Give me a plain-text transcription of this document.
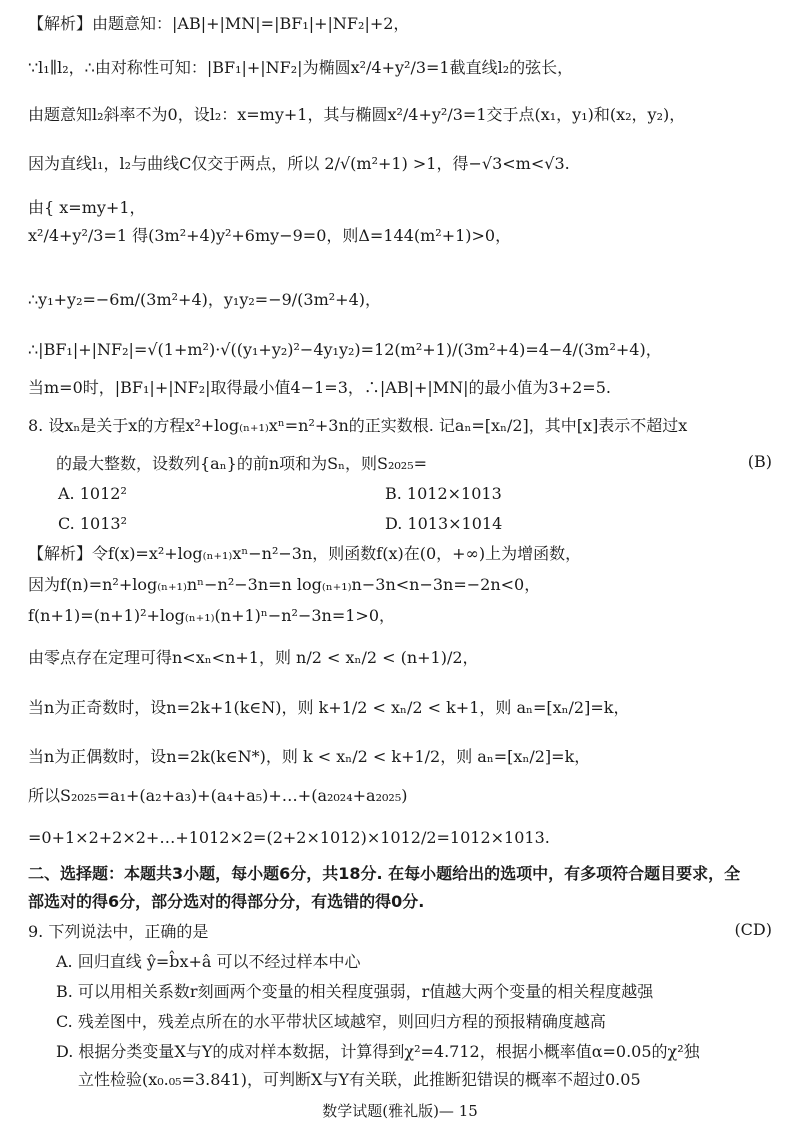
【解析】由题意知：|AB|+|MN|=|BF₁|+|NF₂|+2，
∵l₁∥l₂，∴由对称性可知：|BF₁|+|NF₂|为椭圆x²/4+y²/3=1截直线l₂的弦长，
由题意知l₂斜率不为0，设l₂：x=my+1，其与椭圆x²/4+y²/3=1交于点(x₁，y₁)和(x₂，y₂)，
因为直线l₁，l₂与曲线C仅交于两点，所以 2/√(m²+1) >1，得−√3<m<√3.
由{ x=my+1，
x²/4+y²/3=1 得(3m²+4)y²+6my−9=0，则Δ=144(m²+1)>0，
∴y₁+y₂=−6m/(3m²+4)，y₁y₂=−9/(3m²+4)，
∴|BF₁|+|NF₂|=√(1+m²)·√((y₁+y₂)²−4y₁y₂)=12(m²+1)/(3m²+4)=4−4/(3m²+4)，
当m=0时，|BF₁|+|NF₂|取得最小值4−1=3，∴|AB|+|MN|的最小值为3+2=5.
8. 设xₙ是关于x的方程x²+log₍ₙ₊₁₎xⁿ=n²+3n的正实数根. 记aₙ=[xₙ/2]，其中[x]表示不超过x
的最大整数，设数列{aₙ}的前n项和为Sₙ，则S₂₀₂₅=	(B)
A. 1012²	B. 1012×1013
C. 1013²	D. 1013×1014
【解析】令f(x)=x²+log₍ₙ₊₁₎xⁿ−n²−3n，则函数f(x)在(0，+∞)上为增函数，
因为f(n)=n²+log₍ₙ₊₁₎nⁿ−n²−3n=n log₍ₙ₊₁₎n−3n<n−3n=−2n<0，
f(n+1)=(n+1)²+log₍ₙ₊₁₎(n+1)ⁿ−n²−3n=1>0，
由零点存在定理可得n<xₙ<n+1，则 n/2 < xₙ/2 < (n+1)/2，
当n为正奇数时，设n=2k+1(k∈N)，则 k+1/2 < xₙ/2 < k+1，则 aₙ=[xₙ/2]=k，
当n为正偶数时，设n=2k(k∈N*)，则 k < xₙ/2 < k+1/2，则 aₙ=[xₙ/2]=k，
所以S₂₀₂₅=a₁+(a₂+a₃)+(a₄+a₅)+…+(a₂₀₂₄+a₂₀₂₅)
=0+1×2+2×2+…+1012×2=(2+2×1012)×1012/2=1012×1013.
二、选择题：本题共3小题，每小题6分，共18分. 在每小题给出的选项中，有多项符合题目要求，全
部选对的得6分，部分选对的得部分分，有选错的得0分.
9. 下列说法中，正确的是	(CD)
A. 回归直线 ŷ=b̂x+â 可以不经过样本中心
B. 可以用相关系数r刻画两个变量的相关程度强弱，r值越大两个变量的相关程度越强
C. 残差图中，残差点所在的水平带状区域越窄，则回归方程的预报精确度越高
D. 根据分类变量X与Y的成对样本数据，计算得到χ²=4.712，根据小概率值α=0.05的χ²独
立性检验(x₀.₀₅=3.841)，可判断X与Y有关联，此推断犯错误的概率不超过0.05
数学试题(雅礼版)— 15
